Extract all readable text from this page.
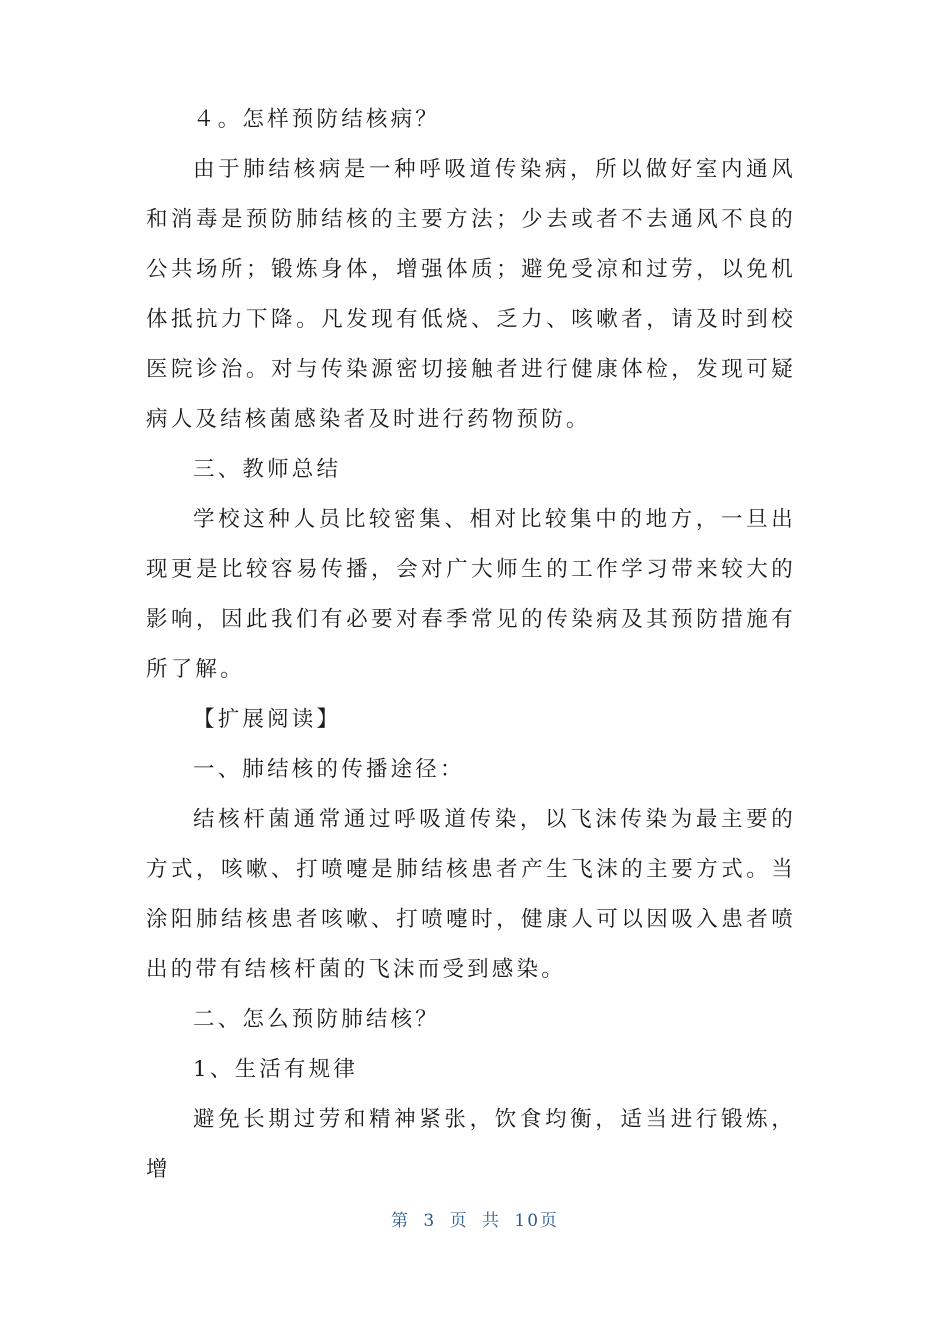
４。怎样预防结核病？

由于肺结核病是一种呼吸道传染病，所以做好室内通风和消毒是预防肺结核的主要方法；少去或者不去通风不良的公共场所；锻炼身体，增强体质；避免受凉和过劳，以免机体抵抗力下降。凡发现有低烧、乏力、咳嗽者，请及时到校医院诊治。对与传染源密切接触者进行健康体检，发现可疑病人及结核菌感染者及时进行药物预防。

三、教师总结

学校这种人员比较密集、相对比较集中的地方，一旦出现更是比较容易传播，会对广大师生的工作学习带来较大的影响，因此我们有必要对春季常见的传染病及其预防措施有所了解。

【扩展阅读】

一、肺结核的传播途径：

结核杆菌通常通过呼吸道传染，以飞沫传染为最主要的方式，咳嗽、打喷嚏是肺结核患者产生飞沫的主要方式。当涂阳肺结核患者咳嗽、打喷嚏时，健康人可以因吸入患者喷出的带有结核杆菌的飞沫而受到感染。

二、怎么预防肺结核？

1、生活有规律

避免长期过劳和精神紧张，饮食均衡，适当进行锻炼，增

第 3 页 共 10页
